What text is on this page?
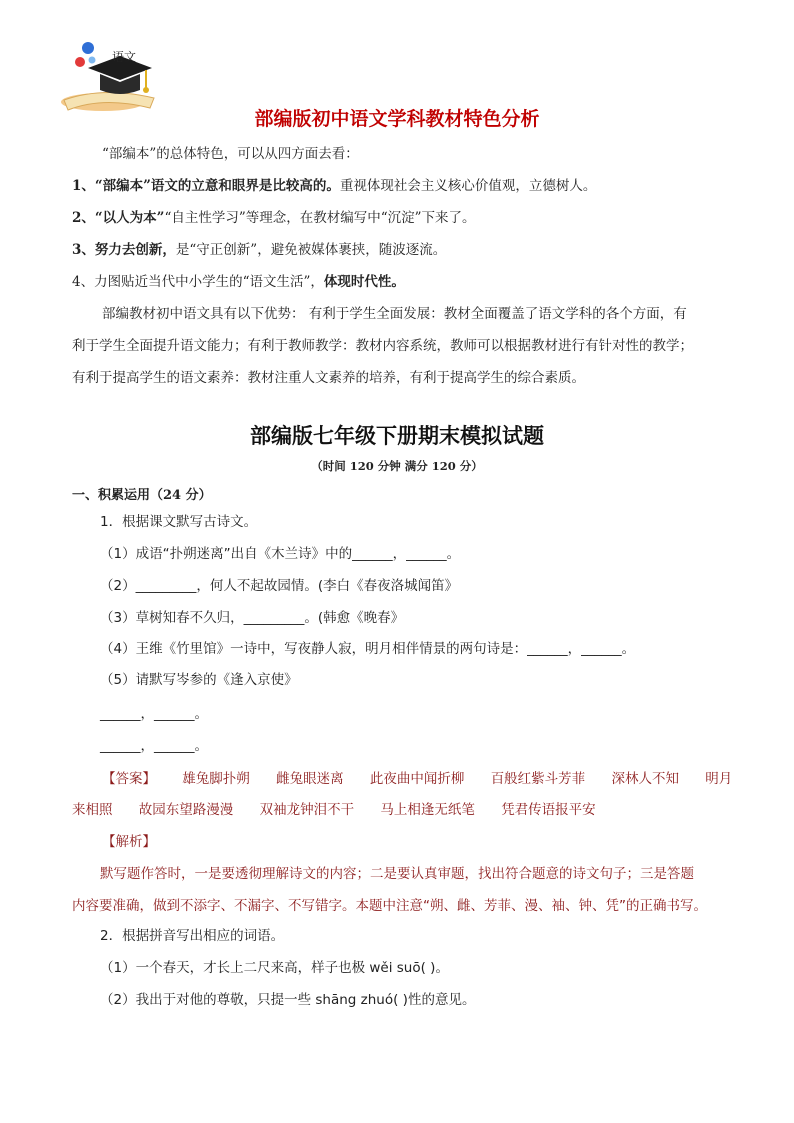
语文
部编版初中语文学科教材特色分析
“部编本”的总体特色，可以从四方面去看：
1、“部编本”语文的立意和眼界是比较高的。重视体现社会主义核心价值观，立德树人。
2、“以人为本”“自主性学习”等理念，在教材编写中“沉淀”下来了。
3、努力去创新，是“守正创新”，避免被媒体裹挟，随波逐流。
4、力图贴近当代中小学生的“语文生活”，体现时代性。
部编教材初中语文具有以下优势： 有利于学生全面发展：教材全面覆盖了语文学科的各个方面，有
利于学生全面提升语文能力；有利于教师教学：教材内容系统，教师可以根据教材进行有针对性的教学；
有利于提高学生的语文素养：教材注重人文素养的培养，有利于提高学生的综合素质。
部编版七年级下册期末模拟试题
（时间 120 分钟 满分 120 分）
一、积累运用（24 分）
1．根据课文默写古诗文。
（1）成语“扑朔迷离”出自《木兰诗》中的______，______。
（2）_________，何人不起故园情。(李白《春夜洛城闻笛》
（3）草树知春不久归，_________。(韩愈《晚春》
（4）王维《竹里馆》一诗中，写夜静人寂，明月相伴情景的两句诗是：______，______。
（5）请默写岑参的《逢入京使》
______，______。
______，______。
【答案】 雄兔脚扑朔 雌兔眼迷离 此夜曲中闻折柳 百般红紫斗芳菲 深林人不知 明月
来相照 故园东望路漫漫 双袖龙钟泪不干 马上相逢无纸笔 凭君传语报平安
【解析】
默写题作答时，一是要透彻理解诗文的内容；二是要认真审题，找出符合题意的诗文句子；三是答题
内容要准确，做到不添字、不漏字、不写错字。本题中注意“朔、雌、芳菲、漫、袖、钟、凭”的正确书写。
2．根据拼音写出相应的词语。
（1）一个春天，才长上二尺来高，样子也极 wěi suō( )。
（2）我出于对他的尊敬，只提一些 shāng zhuó( )性的意见。
